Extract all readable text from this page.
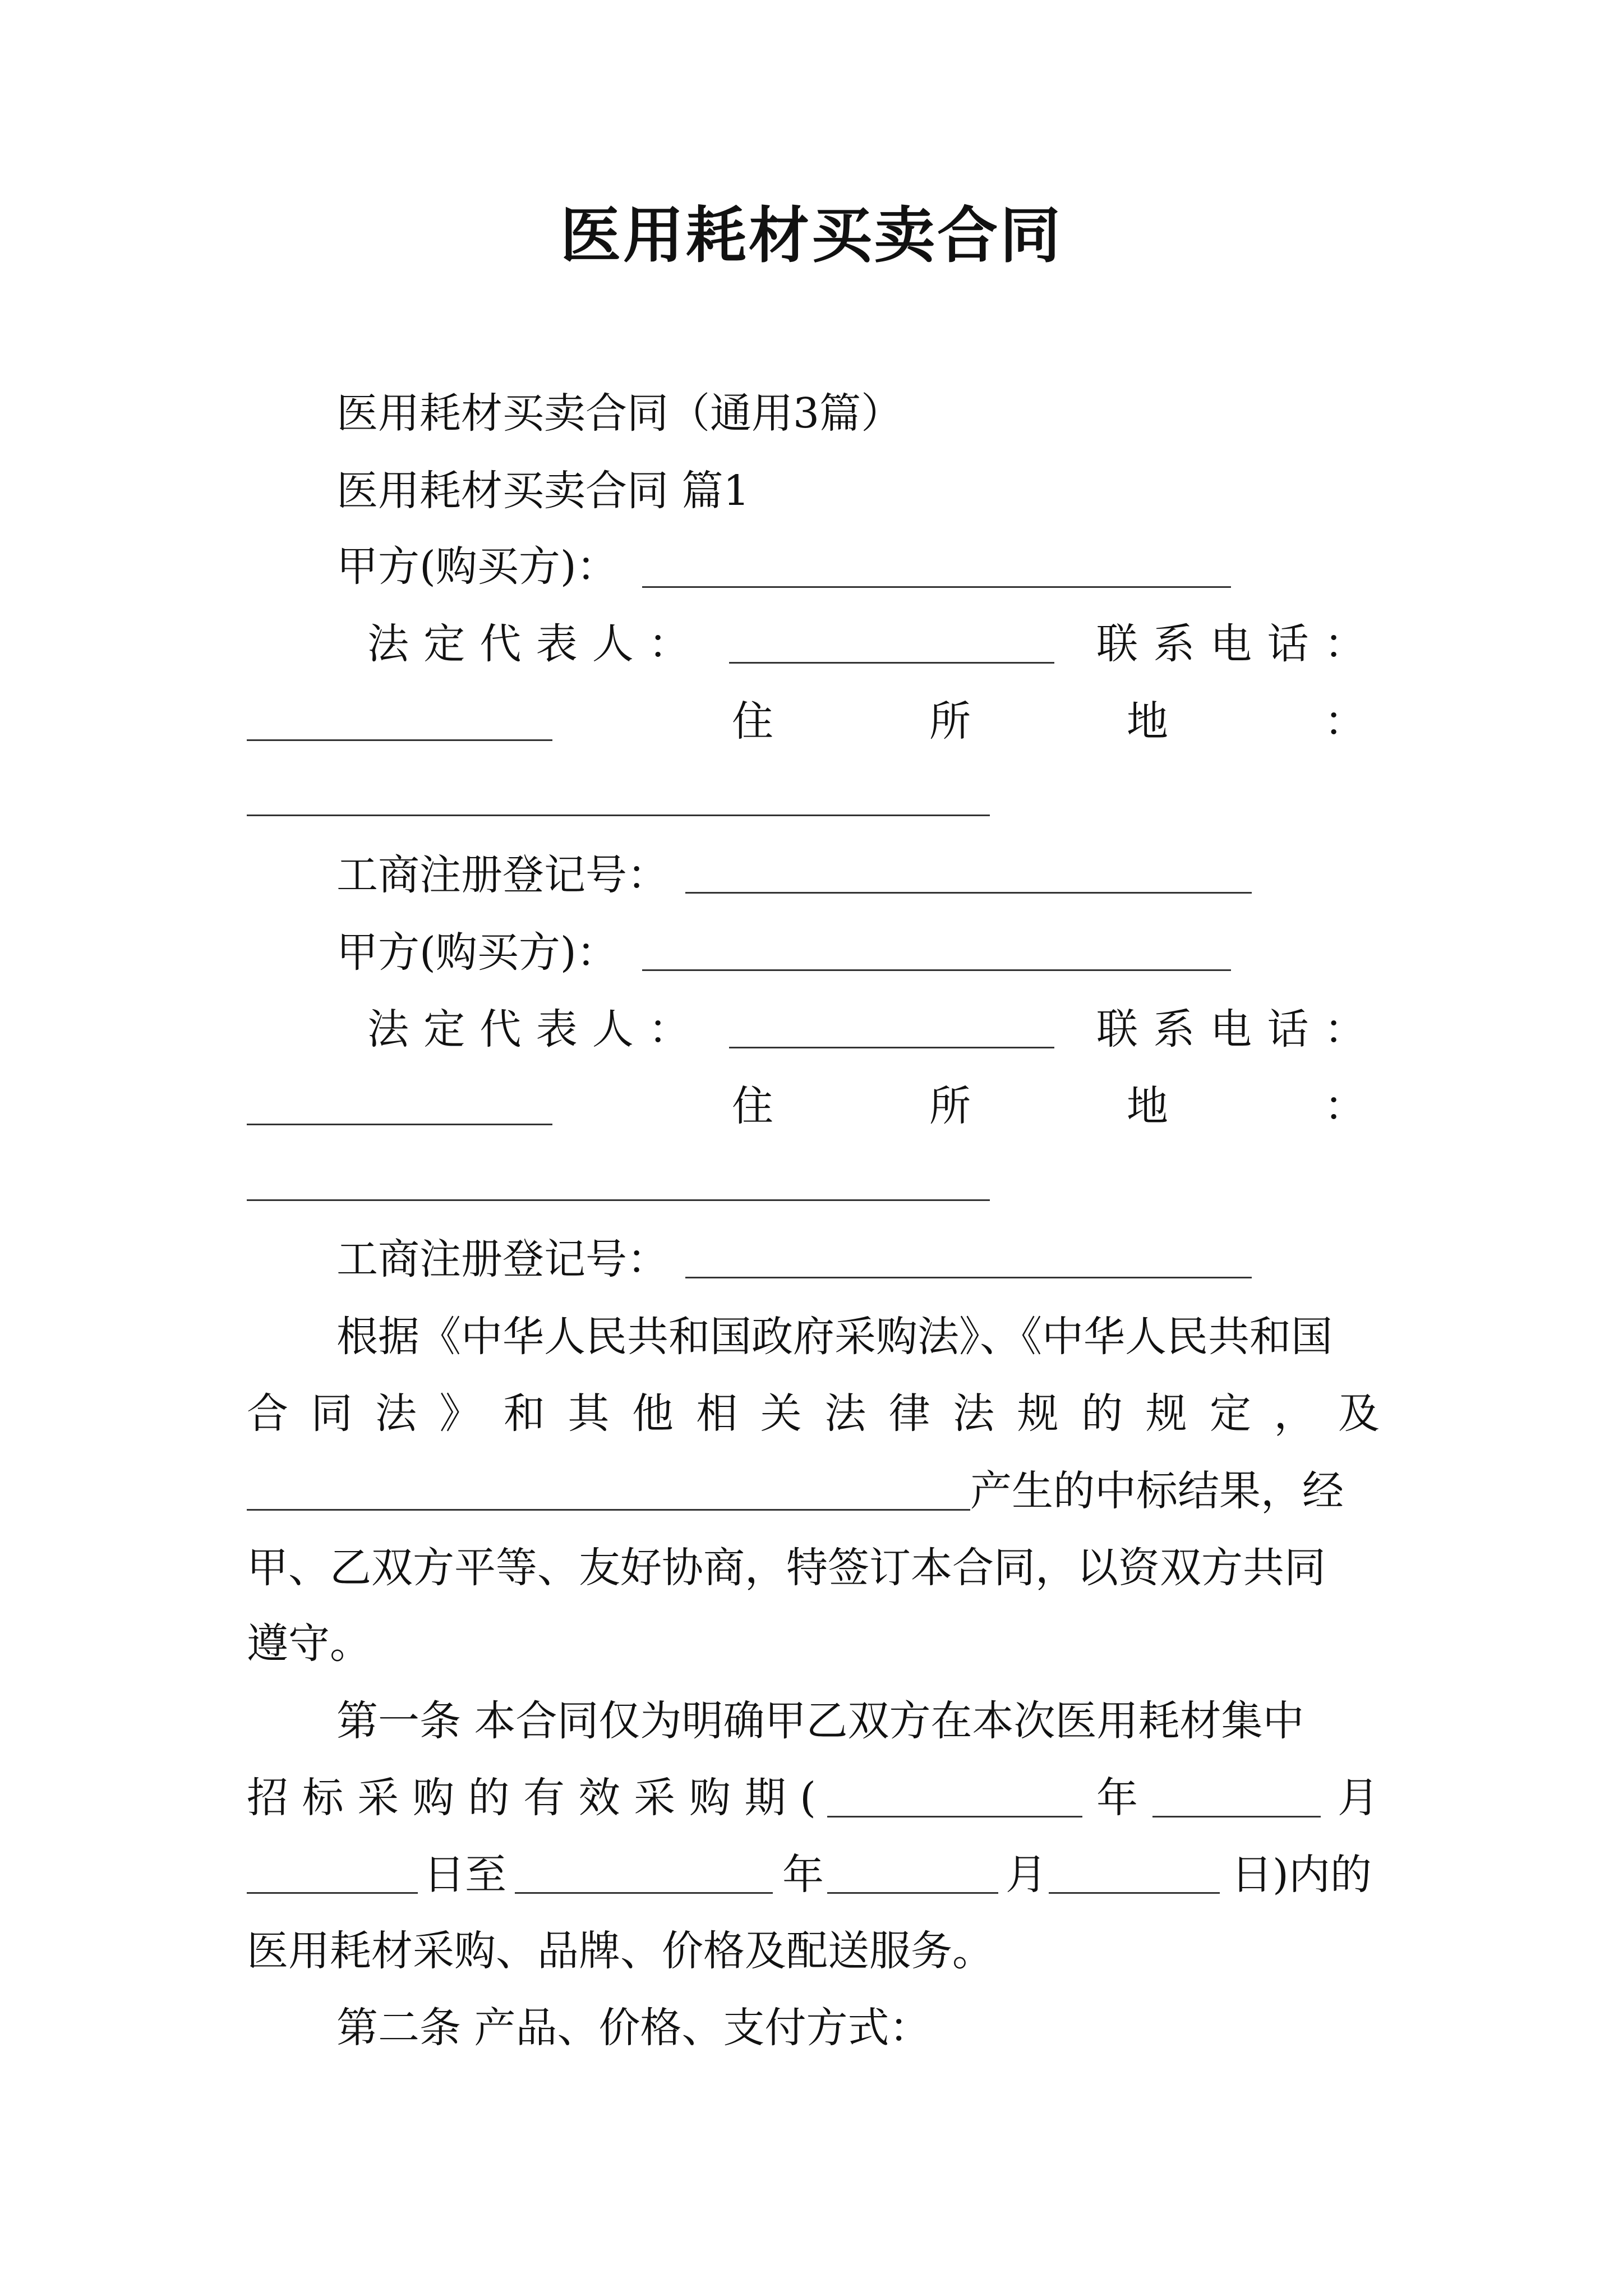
医用耗材买卖合同
医用耗材买卖合同（通用3篇）
医用耗材买卖合同 篇1
甲方(购买方)：
法 定 代 表 人 ：	联 系 电 话 ：
住	所	地	：
工商注册登记号：
甲方(购买方)：
法 定 代 表 人 ：	联 系 电 话 ：
住	所	地	：
工商注册登记号：
根据《中华人民共和国政府采购法》、《中华人民共和国
合 同 法 》 和 其 他 相 关 法 律 法 规 的 规 定 ， 及
产生的中标结果，经
甲、乙双方平等、友好协商，特签订本合同，以资双方共同
遵守。
第一条 本合同仅为明确甲乙双方在本次医用耗材集中
招 标 采 购 的 有 效 采 购 期 (	年	月
日至	年	月	日)内的
医用耗材采购、品牌、价格及配送服务。
第二条 产品、价格、支付方式：
